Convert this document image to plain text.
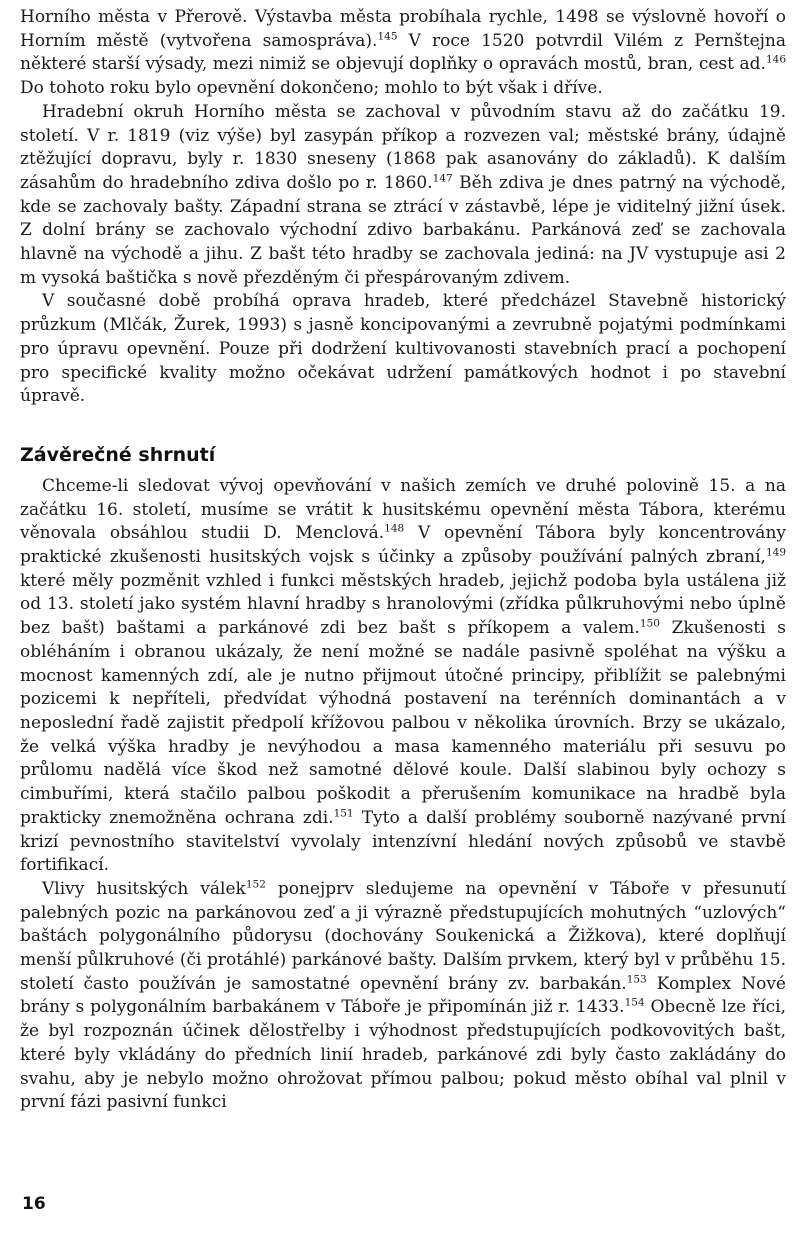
Horního města v Přerově. Výstavba města probíhala rychle, 1498 se výslovně hovoří o Horním městě (vytvořena samospráva).$^{145}$ V roce 1520 potvrdil Vilém z Pernštejna některé starší výsady, mezi nimiž se objevují doplňky o opravách mostů, bran, cest ad.$^{146}$ Do tohoto roku bylo opevnění dokončeno; mohlo to být však i dříve.

Hradební okruh Horního města se zachoval v původním stavu až do začátku 19. století. V r. 1819 (viz výše) byl zasypán příkop a rozvezen val; městské brány, údajně ztěžující dopravu, byly r. 1830 sneseny (1868 pak asanovány do základů). K dalším zásahům do hradebního zdiva došlo po r. 1860.$^{147}$ Běh zdiva je dnes patrný na východě, kde se zachovaly bašty. Západní strana se ztrácí v zástavbě, lépe je viditelný jižní úsek. Z dolní brány se zachovalo východní zdivo barbakánu. Parkánová zeď se zachovala hlavně na východě a jihu. Z bašt této hradby se zachovala jediná: na JV vystupuje asi 2 m vysoká baštička s nově přezděným či přespárovaným zdivem.

V současné době probíhá oprava hradeb, které předcházel Stavebně historický průzkum (Mlčák, Žurek, 1993) s jasně koncipovanými a zevrubně pojatými podmínkami pro úpravu opevnění. Pouze při dodržení kultivovanosti stavebních prací a pochopení pro specifické kvality možno očekávat udržení památkových hodnot i po stavební úpravě.

Závěrečné shrnutí

Chceme-li sledovat vývoj opevňování v našich zemích ve druhé polovině 15. a na začátku 16. století, musíme se vrátit k husitskému opevnění města Tábora, kterému věnovala obsáhlou studii D. Menclová.$^{148}$ V opevnění Tábora byly koncentrovány praktické zkušenosti husitských vojsk s účinky a způsoby používání palných zbraní,$^{149}$ které měly pozměnit vzhled i funkci městských hradeb, jejichž podoba byla ustálena již od 13. století jako systém hlavní hradby s hranolovými (zřídka půlkruhovými nebo úplně bez bašt) baštami a parkánové zdi bez bašt s příkopem a valem.$^{150}$ Zkušenosti s obléháním i obranou ukázaly, že není možné se nadále pasivně spoléhat na výšku a mocnost kamenných zdí, ale je nutno přijmout útočné principy, přiblížit se palebnými pozicemi k nepříteli, předvídat výhodná postavení na terénních dominantách a v neposlední řadě zajistit předpolí křížovou palbou v několika úrovních. Brzy se ukázalo, že velká výška hradby je nevýhodou a masa kamenného materiálu při sesuvu po průlomu nadělá více škod než samotné dělové koule. Další slabinou byly ochozy s cimbuřími, která stačilo palbou poškodit a přerušením komunikace na hradbě byla prakticky znemožněna ochrana zdi.$^{151}$ Tyto a další problémy souborně nazývané první krizí pevnostního stavitelství vyvolaly intenzívní hledání nových způsobů ve stavbě fortifikací.

Vlivy husitských válek$^{152}$ ponejprv sledujeme na opevnění v Táboře v přesunutí palebných pozic na parkánovou zeď a ji výrazně předstupujících mohutných “uzlových“ baštách polygonálního půdorysu (dochovány Soukenická a Žižkova), které doplňují menší půlkruhové (či protáhlé) parkánové bašty. Dalším prvkem, který byl v průběhu 15. století často používán je samostatné opevnění brány zv. barbakán.$^{153}$ Komplex Nové brány s polygonálním barbakánem v Táboře je připomínán již r. 1433.$^{154}$ Obecně lze říci, že byl rozpoznán účinek dělostřelby i výhodnost předstupujících podkovovitých bašt, které byly vkládány do předních linií hradeb, parkánové zdi byly často zakládány do svahu, aby je nebylo možno ohrožovat přímou palbou; pokud město obíhal val plnil v první fázi pasivní funkci

16
